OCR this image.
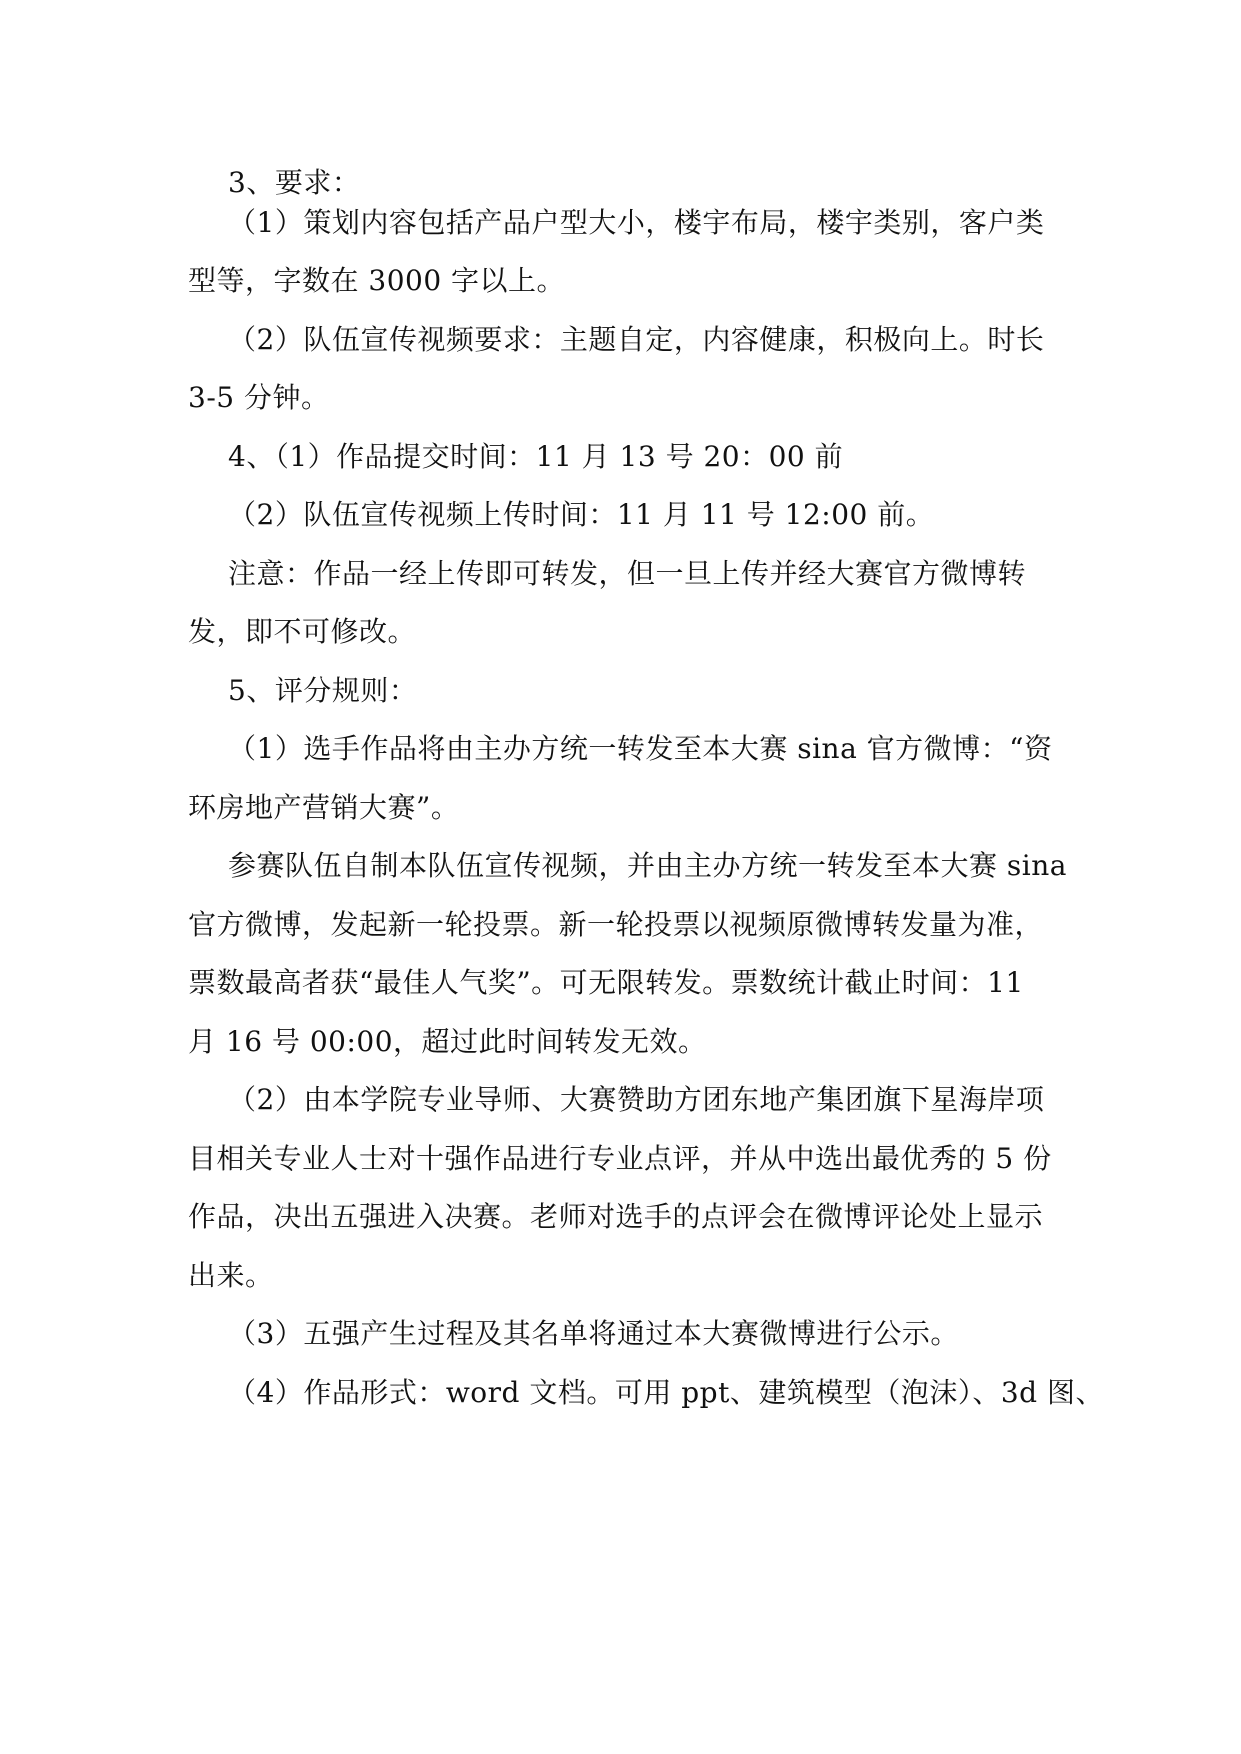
3、要求：
（1）策划内容包括产品户型大小，楼宇布局，楼宇类别，客户类
型等，字数在 3000 字以上。
（2）队伍宣传视频要求：主题自定，内容健康，积极向上。时长
3-5 分钟。
4、（1）作品提交时间：11 月 13 号 20：00 前
（2）队伍宣传视频上传时间：11 月 11 号 12:00 前。
注意：作品一经上传即可转发，但一旦上传并经大赛官方微博转
发，即不可修改。
5、评分规则：
（1）选手作品将由主办方统一转发至本大赛 sina 官方微博：“资
环房地产营销大赛”。
参赛队伍自制本队伍宣传视频，并由主办方统一转发至本大赛 sina
官方微博，发起新一轮投票。新一轮投票以视频原微博转发量为准，
票数最高者获“最佳人气奖”。可无限转发。票数统计截止时间：11
月 16 号 00:00，超过此时间转发无效。
（2）由本学院专业导师、大赛赞助方团东地产集团旗下星海岸项
目相关专业人士对十强作品进行专业点评，并从中选出最优秀的 5 份
作品，决出五强进入决赛。老师对选手的点评会在微博评论处上显示
出来。
（3）五强产生过程及其名单将通过本大赛微博进行公示。
（4）作品形式：word 文档。可用 ppt、建筑模型（泡沫）、3d 图、
